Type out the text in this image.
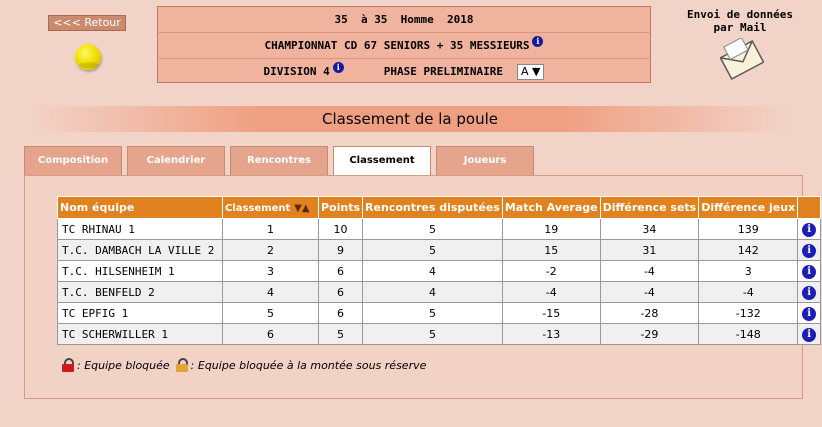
<<< Retour	35  à 35  Homme  2018
CHAMPIONNAT CD 67 SENIORS + 35 MESSIEURS i
DIVISION 4 i	PHASE PRELIMINAIRE	A ▼
Envoi de données
par Mail
Classement de la poule
Composition	Calendrier	Rencontres	Classement	Joueurs
Nom équipe	Classement ▼▲	Points	Rencontres disputées	Match Average	Différence sets	Différence jeux	
TC RHINAU 1	1	10	5	19	34	139	i
T.C. DAMBACH LA VILLE 2	2	9	5	15	31	142	i
T.C. HILSENHEIM 1	3	6	4	-2	-4	3	i
T.C. BENFELD 2	4	6	4	-4	-4	-4	i
TC EPFIG 1	5	6	5	-15	-28	-132	i
TC SCHERWILLER 1	6	5	5	-13	-29	-148	i
: Equipe bloquée : Equipe bloquée à la montée sous réserve
